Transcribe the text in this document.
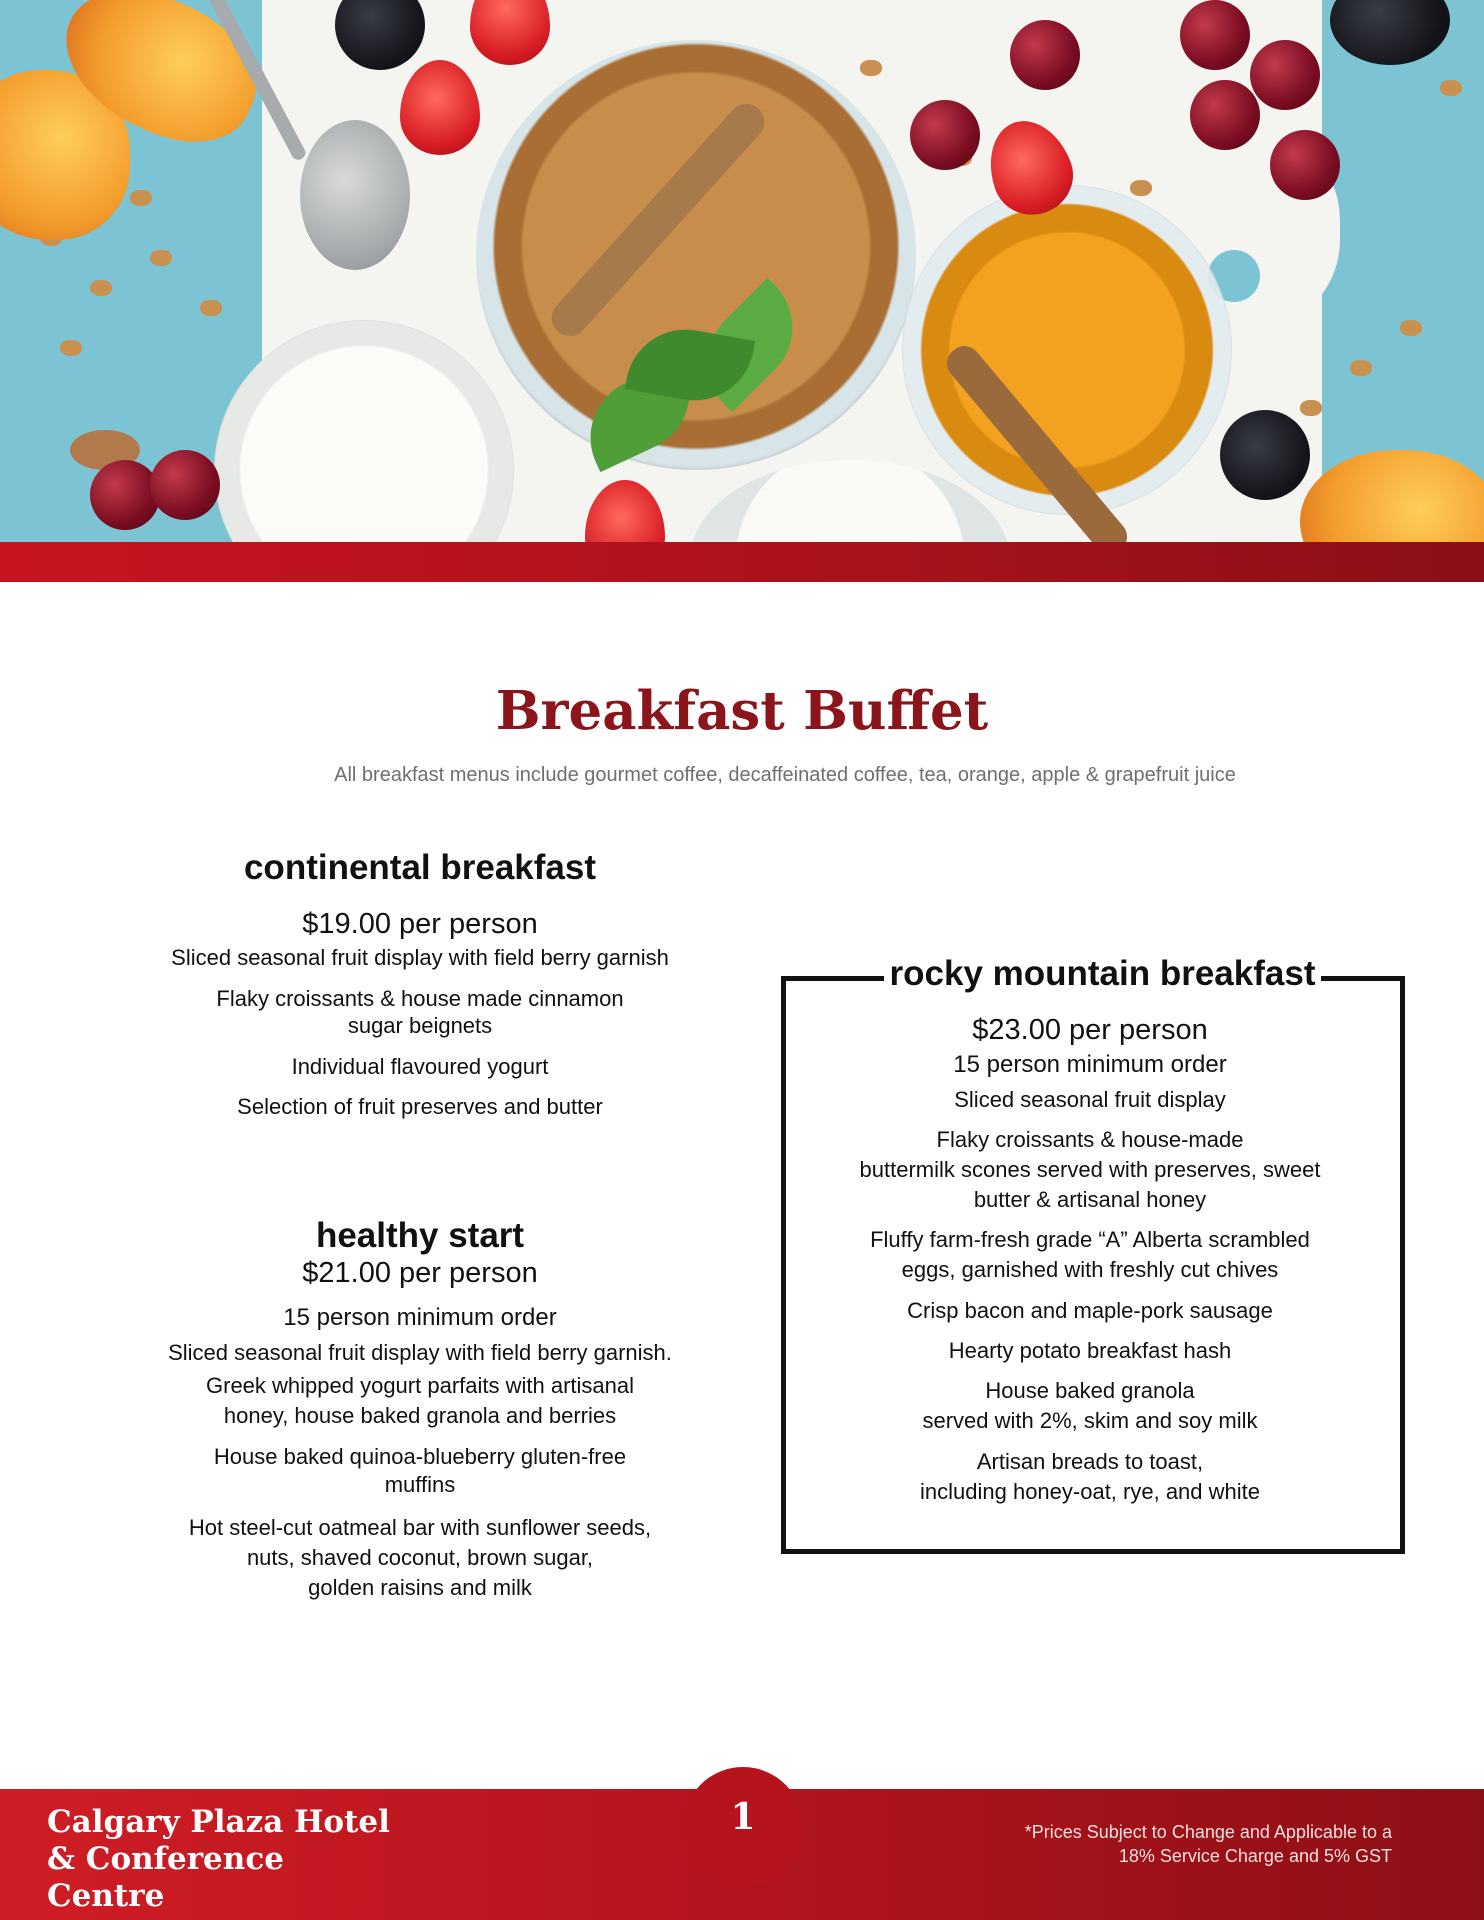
Breakfast Buffet

All breakfast menus include gourmet coffee, decaffeinated coffee, tea, orange, apple & grapefruit juice

continental breakfast
$19.00 per person
Sliced seasonal fruit display with field berry garnish
Flaky croissants & house made cinnamon
sugar beignets
Individual flavoured yogurt
Selection of fruit preserves and butter
healthy start
$21.00 per person
15 person minimum order
Sliced seasonal fruit display with field berry garnish.
Greek whipped yogurt parfaits with artisanal
honey, house baked granola and berries
House baked quinoa-blueberry gluten-free
muffins
Hot steel-cut oatmeal bar with sunflower seeds,
nuts, shaved coconut, brown sugar,
golden raisins and milk
rocky mountain breakfast
$23.00 per person
15 person minimum order
Sliced seasonal fruit display
Flaky croissants & house-made
buttermilk scones served with preserves, sweet
butter & artisanal honey
Fluffy farm-fresh grade “A” Alberta scrambled
eggs, garnished with freshly cut chives
Crisp bacon and maple-pork sausage
Hearty potato breakfast hash
House baked granola
served with 2%, skim and soy milk
Artisan breads to toast,
including honey-oat, rye, and white
1
Calgary Plaza Hotel
& Conference Centre
*Prices Subject to Change and Applicable to a
18% Service Charge and 5% GST
